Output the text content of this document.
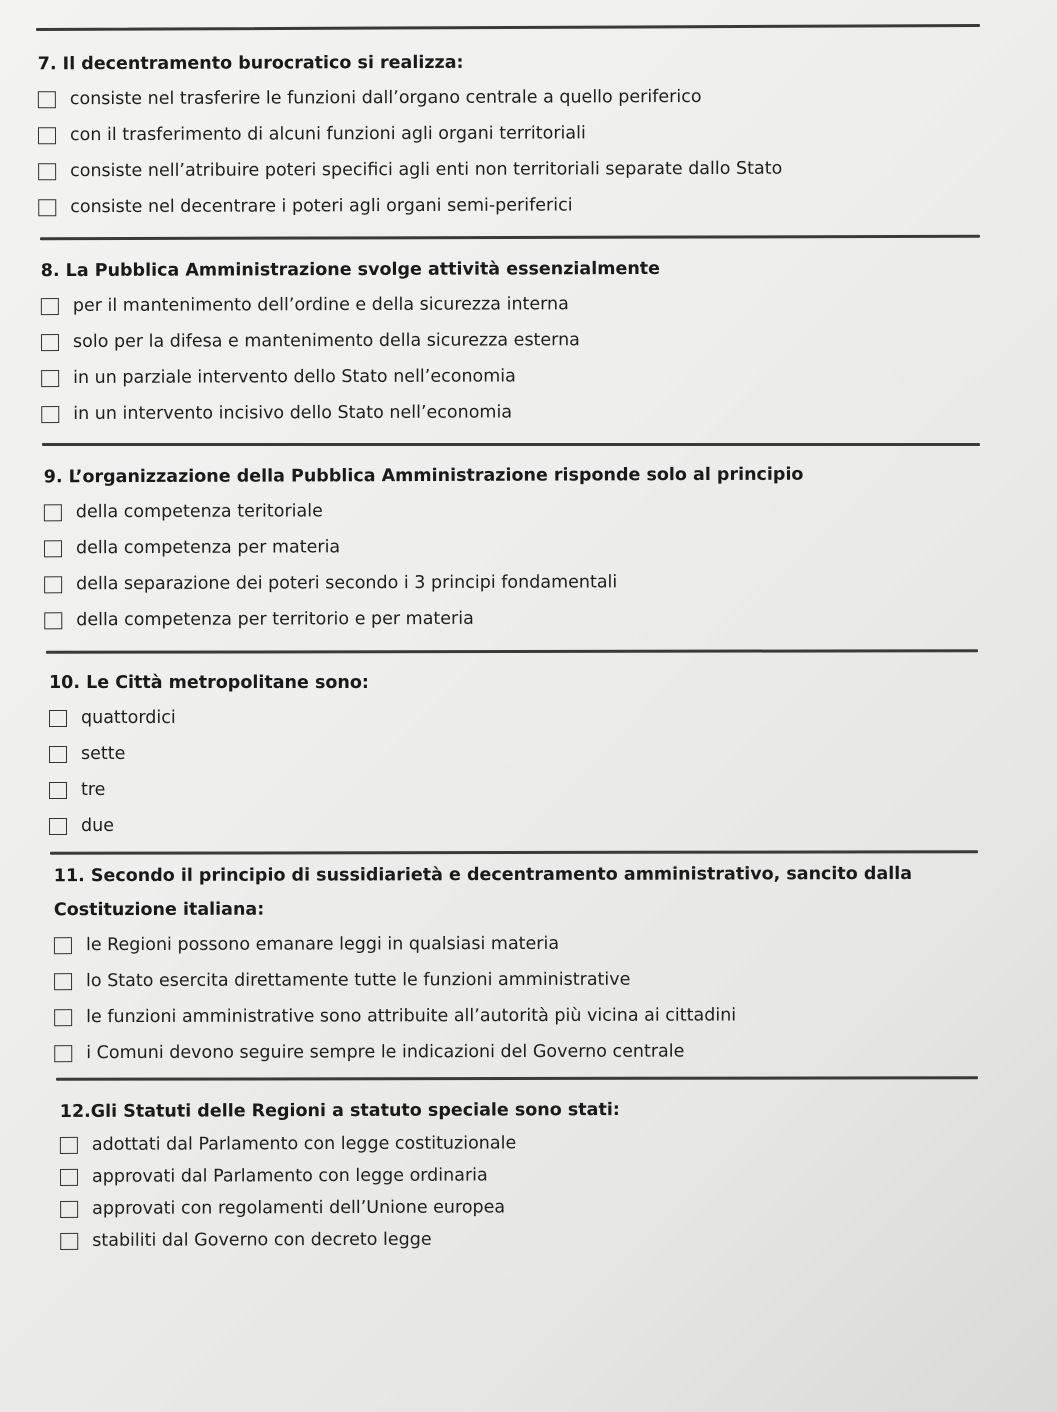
7. Il decentramento burocratico si realizza:

consiste nel trasferire le funzioni dall’organo centrale a quello periferico
con il trasferimento di alcuni funzioni agli organi territoriali
consiste nell’atribuire poteri specifici agli enti non territoriali separate dallo Stato
consiste nel decentrare i poteri agli organi semi-periferici

8. La Pubblica Amministrazione svolge attività essenzialmente

per il mantenimento dell’ordine e della sicurezza interna
solo per la difesa e mantenimento della sicurezza esterna
in un parziale intervento dello Stato nell’economia
in un intervento incisivo dello Stato nell’economia

9. L’organizzazione della Pubblica Amministrazione risponde solo al principio

della competenza teritoriale
della competenza per materia
della separazione dei poteri secondo i 3 principi fondamentali
della competenza per territorio e per materia

10. Le Città metropolitane sono:

quattordici
sette
tre
due

11. Secondo il principio di sussidiarietà e decentramento amministrativo, sancito dalla Costituzione italiana:

le Regioni possono emanare leggi in qualsiasi materia
lo Stato esercita direttamente tutte le funzioni amministrative
le funzioni amministrative sono attribuite all’autorità più vicina ai cittadini
i Comuni devono seguire sempre le indicazioni del Governo centrale

12.Gli Statuti delle Regioni a statuto speciale sono stati:

adottati dal Parlamento con legge costituzionale
approvati dal Parlamento con legge ordinaria
approvati con regolamenti dell’Unione europea
stabiliti dal Governo con decreto legge
